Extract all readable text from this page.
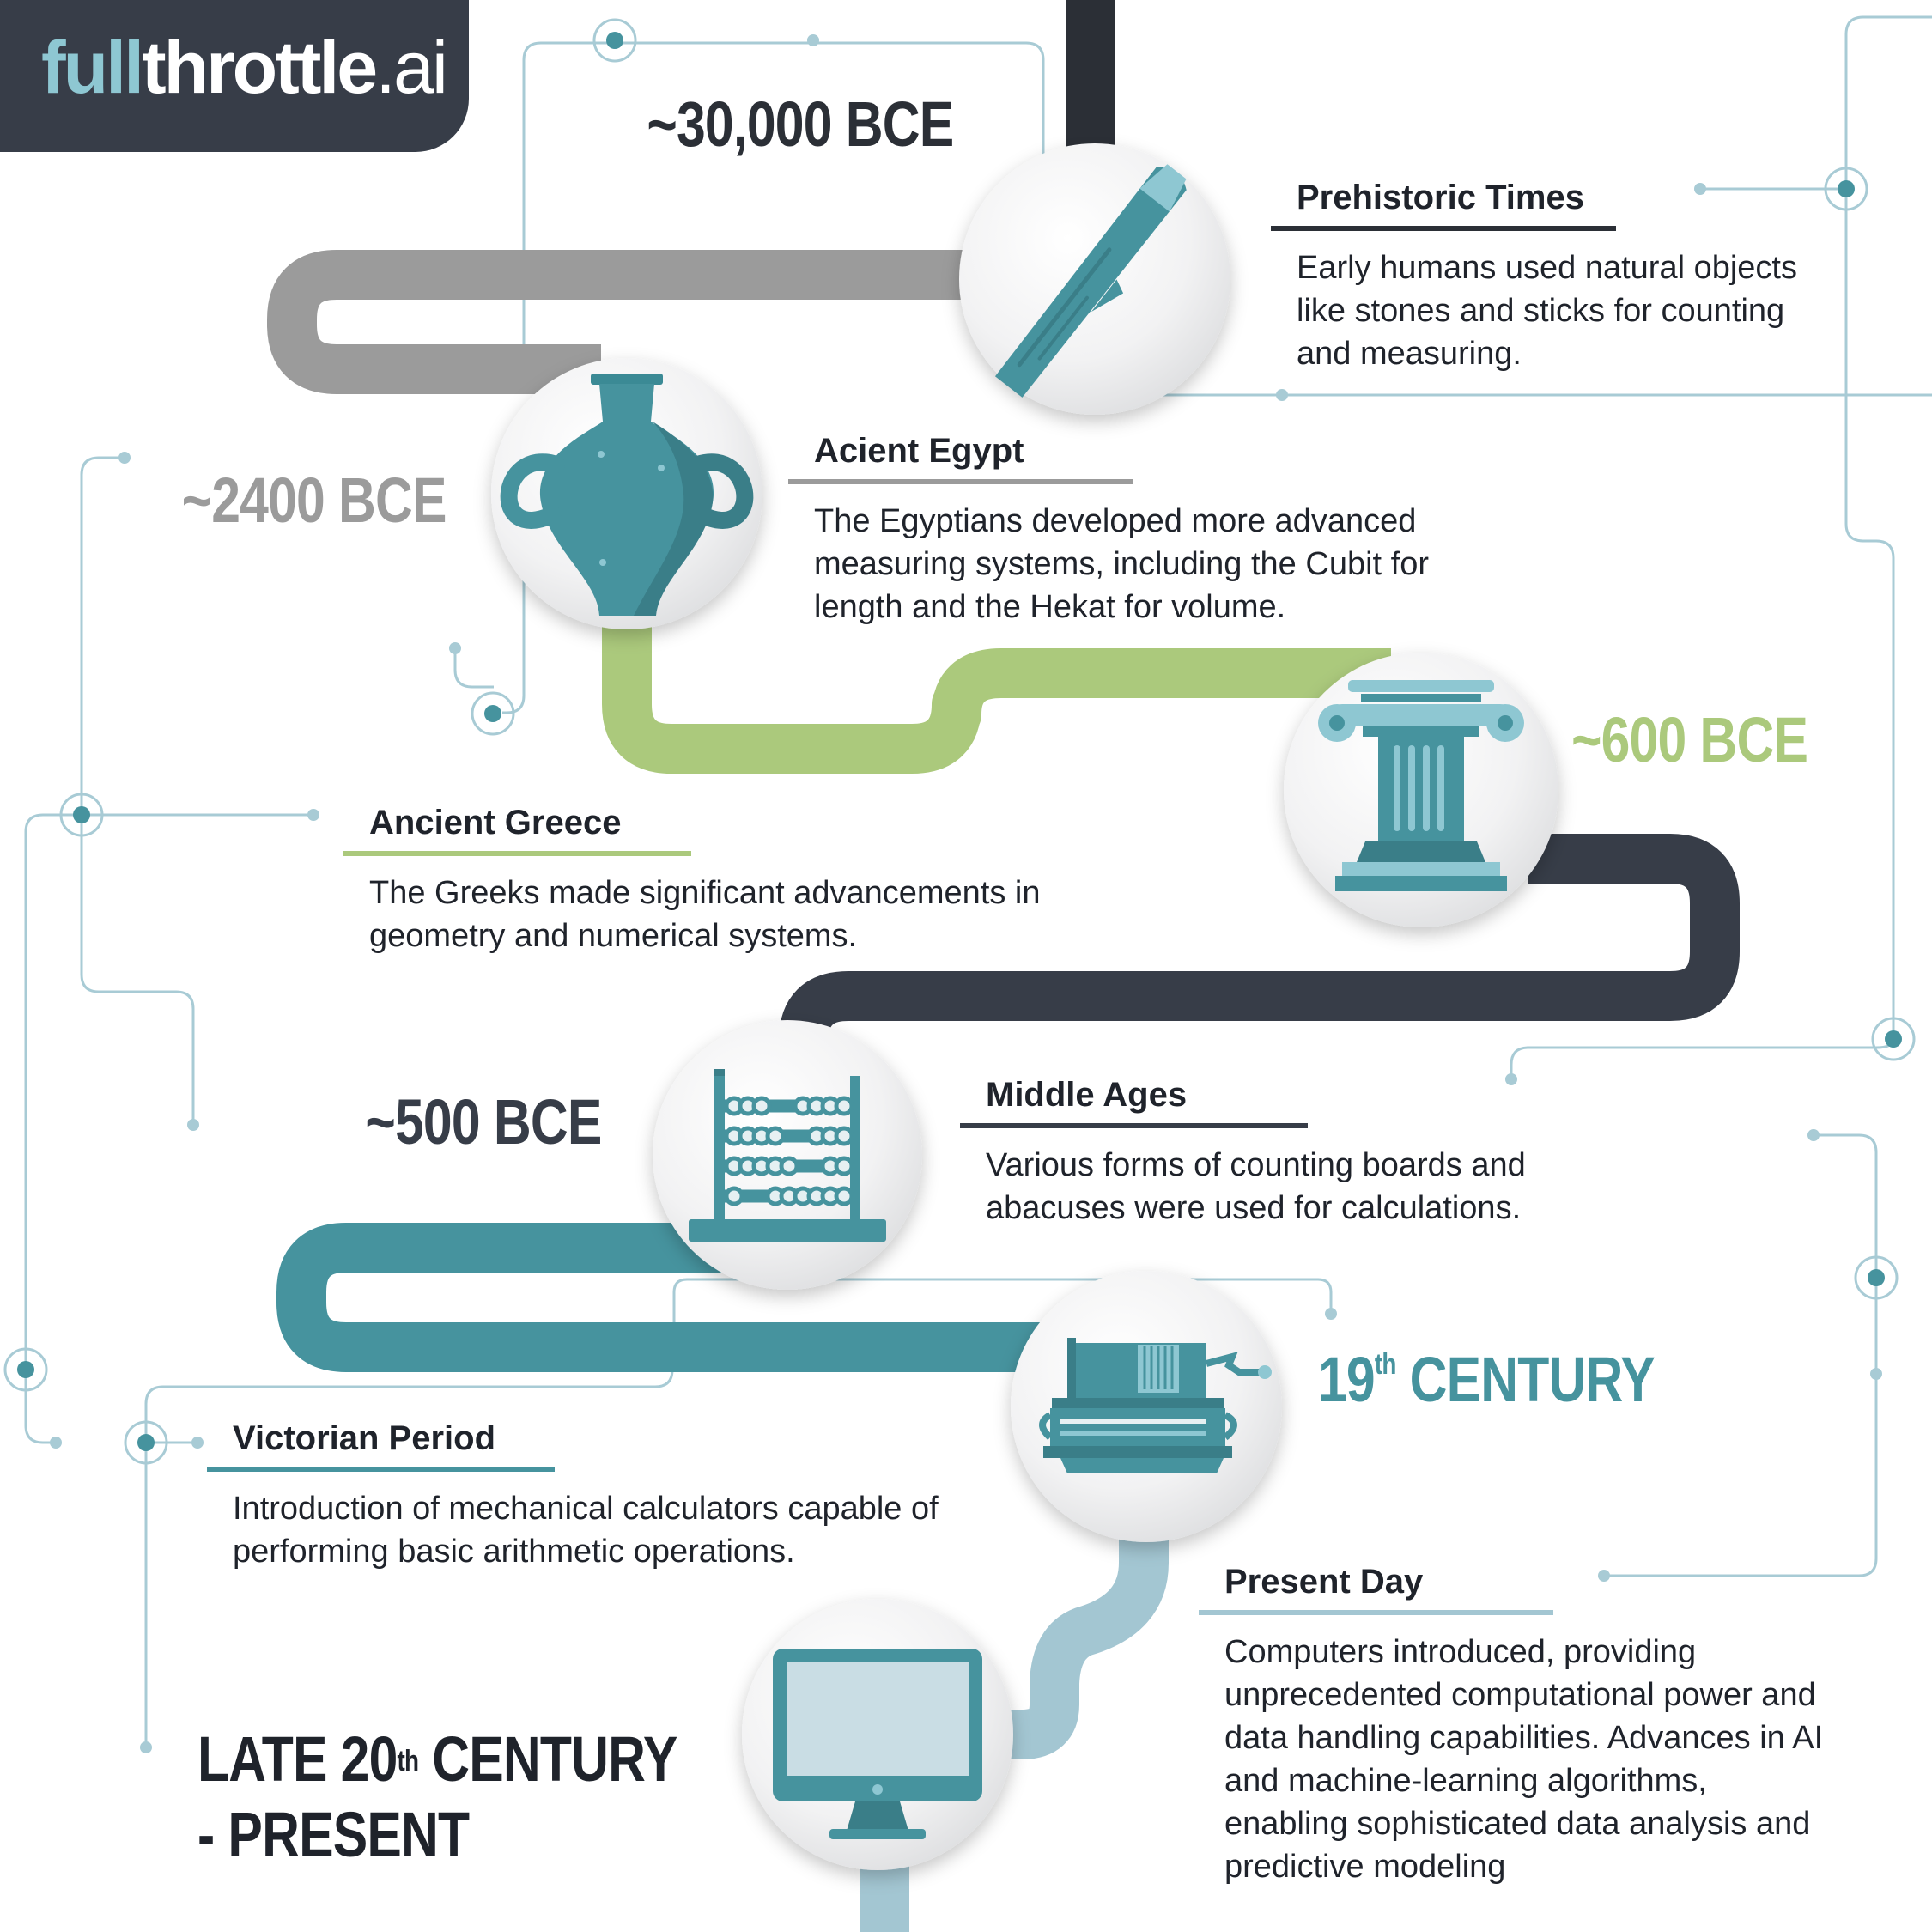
fullthrottle.ai
~30,000 BCE
~2400 BCE
~600 BCE
~500 BCE
19th CENTURY
LATE 20th CENTURY
- PRESENT
Prehistoric Times

Early humans used natural objects like stones and sticks for counting and measuring.

Acient Egypt

The Egyptians developed more advanced measuring systems, including the Cubit for length and the Hekat for volume.

Ancient Greece

The Greeks made significant advancements in geometry and numerical systems.

Middle Ages

Various forms of counting boards and abacuses were used for calculations.

Victorian Period

Introduction of mechanical calculators capable of performing basic arithmetic operations.

Present Day

Computers introduced, providing unprecedented computational power and data handling capabilities. Advances in AI and machine-learning algorithms, enabling sophisticated data analysis and predictive modeling
